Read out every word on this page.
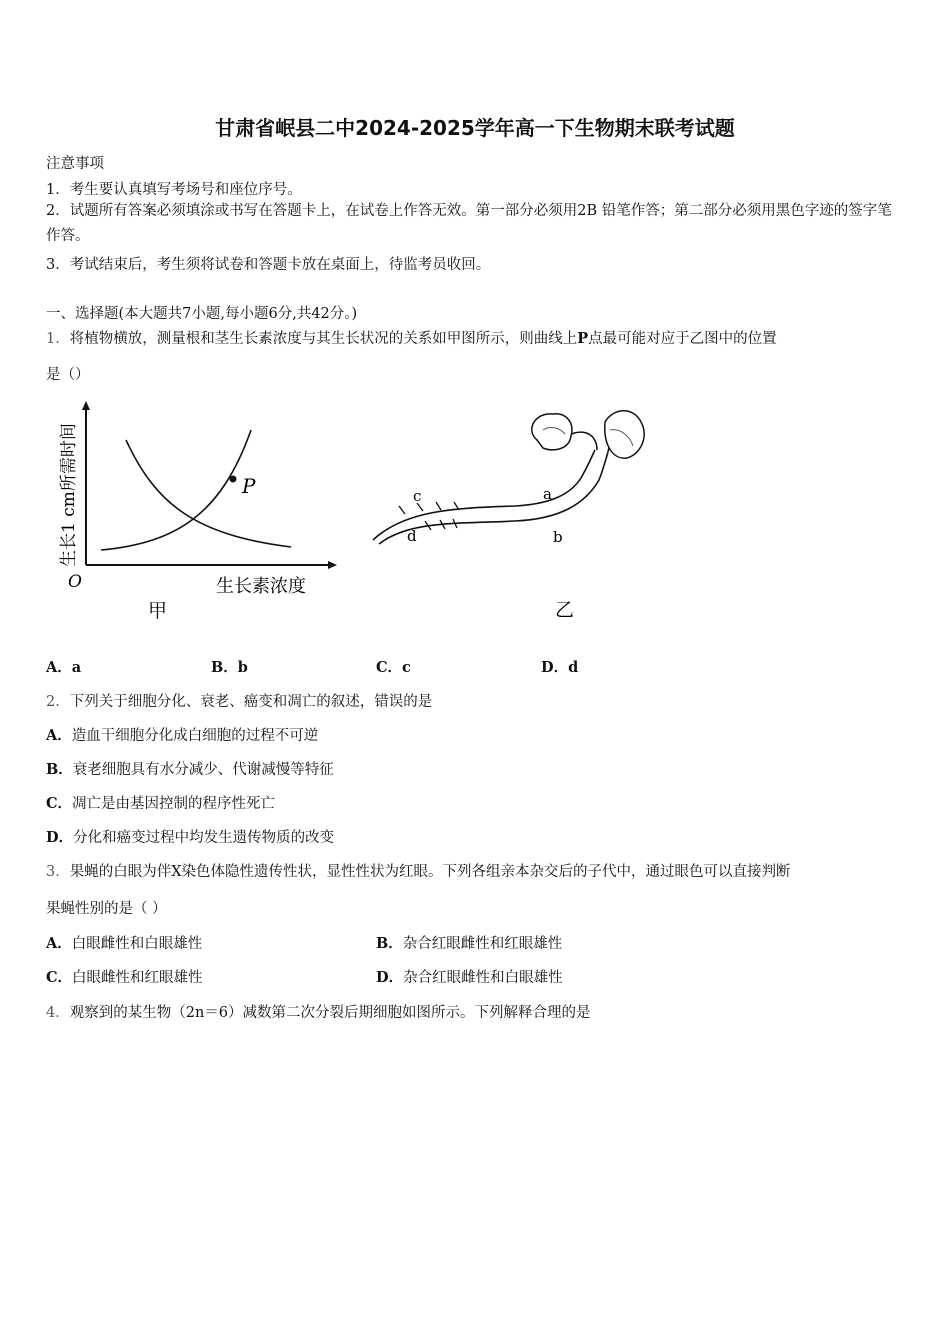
甘肃省岷县二中2024-2025学年高一下生物期末联考试题
注意事项
1．考生要认真填写考场号和座位序号。
2．试题所有答案必须填涂或书写在答题卡上，在试卷上作答无效。第一部分必须用2B 铅笔作答；第二部分必须用黑色字迹的签字笔作答。
3．考试结束后，考生须将试卷和答题卡放在桌面上，待监考员收回。
一、选择题(本大题共7小题,每小题6分,共42分。)
1．将植物横放，测量根和茎生长素浓度与其生长状况的关系如甲图所示，则曲线上P点最可能对应于乙图中的位置
是（）
P
O	生长素浓度
生长1 cm所需时间
甲
c
d
a
b
乙
A．a	B．b	C．c	D．d
2．下列关于细胞分化、衰老、癌变和凋亡的叙述，错误的是
A．造血干细胞分化成白细胞的过程不可逆
B．衰老细胞具有水分减少、代谢减慢等特征
C．凋亡是由基因控制的程序性死亡
D．分化和癌变过程中均发生遗传物质的改变
3．果蝇的白眼为伴X染色体隐性遗传性状，显性性状为红眼。下列各组亲本杂交后的子代中，通过眼色可以直接判断
果蝇性别的是（ ）
A．白眼雌性和白眼雄性	B．杂合红眼雌性和红眼雄性
C．白眼雌性和红眼雄性	D．杂合红眼雌性和白眼雄性
4．观察到的某生物（2n＝6）减数第二次分裂后期细胞如图所示。下列解释合理的是
